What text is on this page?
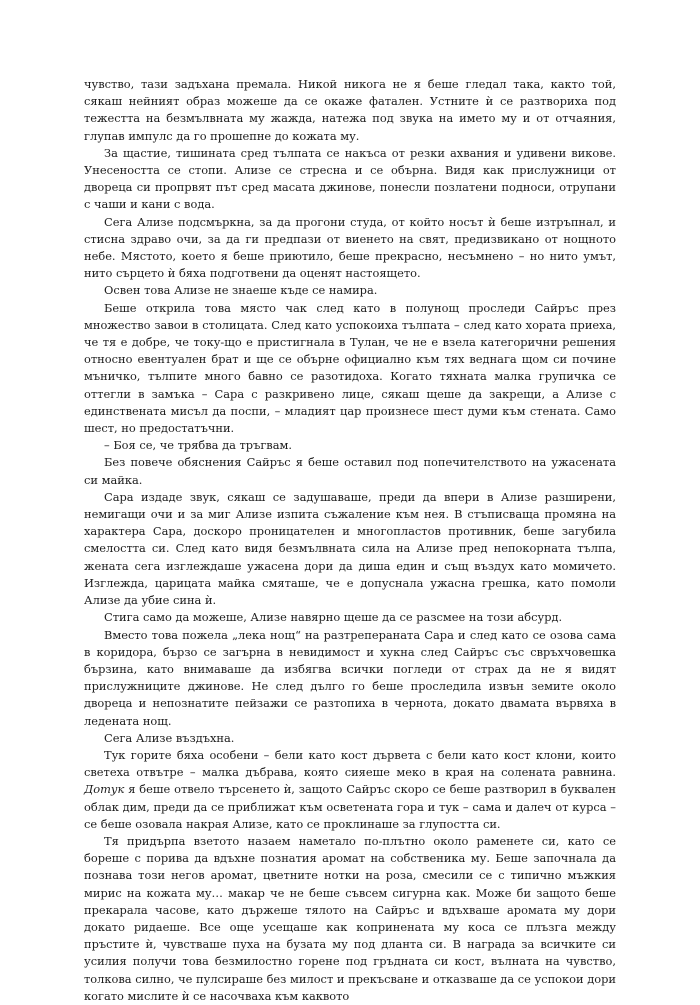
чувство, тази задъхана премала. Никой никога не я беше гледал така, както той, сякаш нейният образ можеше да се окаже фатален. Устните ѝ се разтвориха под тежестта на безмълвната му жажда, натежа под звука на името му и от отчаяния, глупав импулс да го прошепне до кожата му.

За щастие, тишината сред тълпата се накъса от резки ахвания и удивени викове. Унесеността се стопи. Ализе се стресна и се обърна. Видя как прислужници от двореца си пропрвят път сред масата джинове, понесли позлатени подноси, отрупани с чаши и кани с вода.

Сега Ализе подсмъркна, за да прогони студа, от който носът ѝ беше изтръпнал, и стисна здраво очи, за да ги предпази от виенето на свят, предизвикано от нощното небе. Мястото, което я беше приютило, беше прекрасно, несъмнено – но нито умът, нито сърцето ѝ бяха подготвени да оценят настоящето.

Освен това Ализе не знаеше къде се намира.

Беше открила това място чак след като в полунощ проследи Сайръс през множество завои в столицата. След като успокоиха тълпата – след като хората приеха, че тя е добре, че току-що е пристигнала в Тулан, че не е взела категорични решения относно евентуален брат и ще се обърне официално към тях веднага щом си почине мъничко, тълпите много бавно се разотидоха. Когато тяхната малка групичка се оттегли в замъка – Сара с разкривено лице, сякаш щеше да закрещи, а Ализе с единствената мисъл да поспи, – младият цар произнесе шест думи към стената. Само шест, но предостатъчни.

– Боя се, че трябва да тръгвам.

Без повече обяснения Сайръс я беше оставил под попечителството на ужасената си майка.

Сара издаде звук, сякаш се задушаваше, преди да впери в Ализе разширени, немигащи очи и за миг Ализе изпита съжаление към нея. В стъписваща промяна на характера Сара, доскоро проницателен и многопластов противник, беше загубила смелостта си. След като видя безмълвната сила на Ализе пред непокорната тълпа, жената сега изглеждаше ужасена дори да диша един и същ въздух като момичето. Изглежда, царицата майка смяташе, че е допуснала ужасна грешка, като помоли Ализе да убие сина ѝ.

Стига само да можеше, Ализе навярно щеше да се разсмее на този абсурд.

Вместо това пожела „лека нощ“ на разтреперанaта Сара и след като се озова сама в коридора, бързо се загърна в невидимост и хукна след Сайръс със свръхчовешка бързина, като внимаваше да избягва всички погледи от страх да не я видят прислужниците джинове. Не след дълго го беше проследила извън земите около двореца и непознатите пейзажи се разтопиха в чернота, докато двамата вървяха в ледената нощ.

Сега Ализе въздъхна.

Тук горите бяха особени – бели като кост дървета с бели като кост клони, които светеха отвътре – малка дъбрава, която сияеше меко в края на солената равнина. Дотук я беше отвело търсенето ѝ, защото Сайръс скоро се беше разтворил в буквален облак дим, преди да се приближат към осветената гора и тук – сама и далеч от курса – се беше озовала накрая Ализе, като се проклинаше за глупостта си.

Тя придърпа взетото назаем наметало по-плътно около раменете си, като се бореше с порива да вдъхне познатия аромат на собственика му. Беше започнала да познава този негов аромат, цветните нотки на роза, смесили се с типично мъжкия мирис на кожата му… макар че не беше съвсем сигурна как. Може би защото беше прекарала часове, като държеше тялото на Сайръс и вдъхваше аромата му дори докато ридаеше. Все още усещаше как копринената му коса се плъзга между пръстите ѝ, чувстваше пуха на бузата му под дланта си. В награда за всичките си усилия получи това безмилостно горене под гръдната си кост, вълната на чувство, толкова силно, че пулсираше без милост и прекъсване и отказваше да се успокои дори когато мислите ѝ се насочваха към каквото
